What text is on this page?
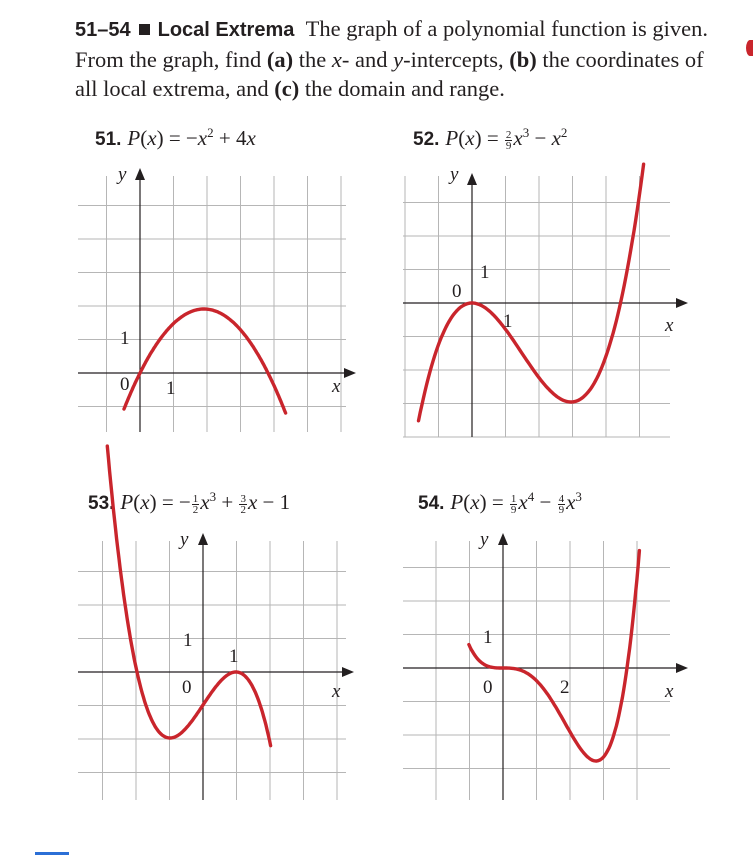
51–54 Local Extrema The graph of a polynomial function is given. From the graph, find (a) the x- and y-intercepts, (b) the coordinates of all local extrema, and (c) the domain and range.

51. $P(x) = -x^2 + 4x$	52. $P(x) = \frac{2}{9} x^3 - x^2$
53. P(x) = − $\frac{1}{2} x^3 + \frac{3}{2}$ x − 1	54. $P(x) = \frac{1}{9} x^4 - \frac{4}{9} x^3$
y
x
0 1
1
y
x
0
1
1
y
x
0
1
1
y
x
0	2
1
